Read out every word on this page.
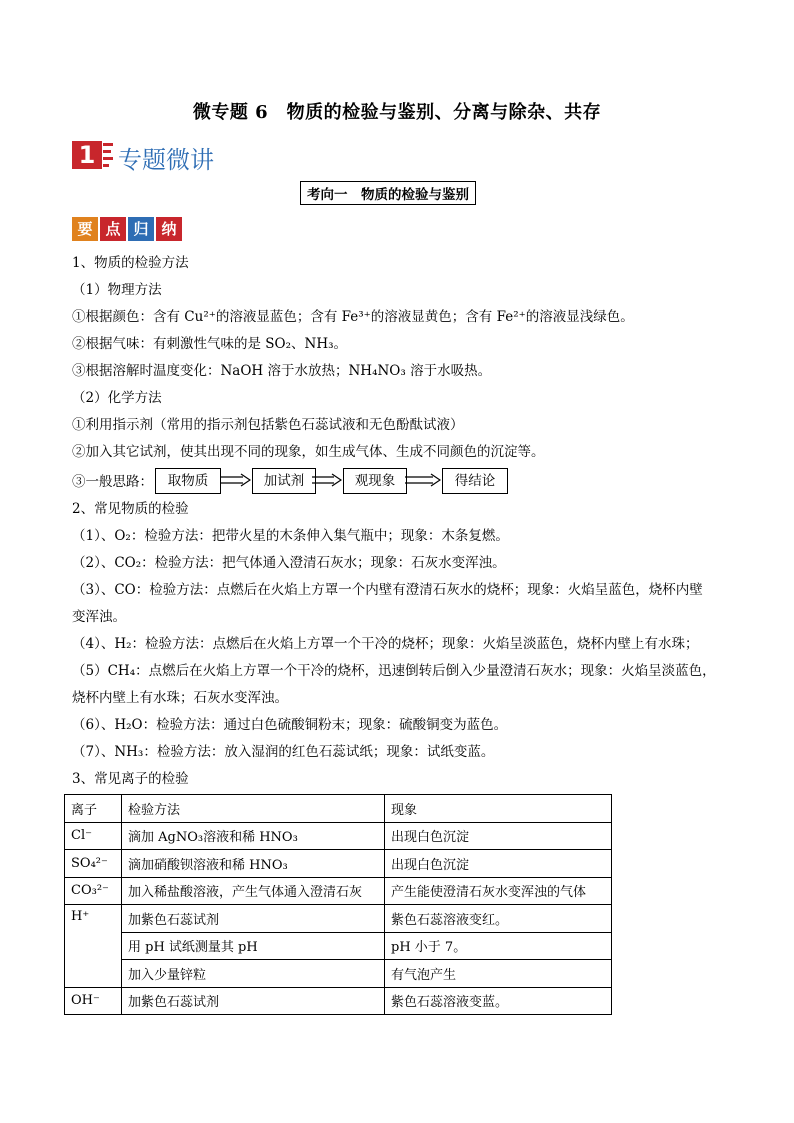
微专题 6　物质的检验与鉴别、分离与除杂、共存
1 专题微讲
考向一　物质的检验与鉴别
要 点 归 纳
1、物质的检验方法
（1）物理方法
①根据颜色：含有 Cu²⁺的溶液显蓝色；含有 Fe³⁺的溶液显黄色；含有 Fe²⁺的溶液显浅绿色。
②根据气味：有刺激性气味的是 SO₂、NH₃。
③根据溶解时温度变化：NaOH 溶于水放热；NH₄NO₃ 溶于水吸热。
（2）化学方法
①利用指示剂（常用的指示剂包括紫色石蕊试液和无色酚酞试液）
②加入其它试剂，使其出现不同的现象，如生成气体、生成不同颜色的沉淀等。
③一般思路：	取物质	加试剂	观现象	得结论
2、常见物质的检验
（1）、O₂：检验方法：把带火星的木条伸入集气瓶中；现象：木条复燃。
（2）、CO₂：检验方法：把气体通入澄清石灰水；现象：石灰水变浑浊。
（3）、CO：检验方法：点燃后在火焰上方罩一个内壁有澄清石灰水的烧杯；现象：火焰呈蓝色，烧杯内壁
变浑浊。
（4）、H₂：检验方法：点燃后在火焰上方罩一个干冷的烧杯；现象：火焰呈淡蓝色，烧杯内壁上有水珠；
（5）CH₄：点燃后在火焰上方罩一个干冷的烧杯，迅速倒转后倒入少量澄清石灰水；现象：火焰呈淡蓝色，
烧杯内壁上有水珠；石灰水变浑浊。
（6）、H₂O：检验方法：通过白色硫酸铜粉末；现象：硫酸铜变为蓝色。
（7）、NH₃：检验方法：放入湿润的红色石蕊试纸；现象：试纸变蓝。
3、常见离子的检验
离子	检验方法	现象
Cl⁻	滴加 AgNO₃溶液和稀 HNO₃	出现白色沉淀
SO₄²⁻	滴加硝酸钡溶液和稀 HNO₃	出现白色沉淀
CO₃²⁻	加入稀盐酸溶液，产生气体通入澄清石灰	产生能使澄清石灰水变浑浊的气体
H⁺	加紫色石蕊试剂	紫色石蕊溶液变红。
	用 pH 试纸测量其 pH	pH 小于 7。
	加入少量锌粒	有气泡产生
OH⁻	加紫色石蕊试剂	紫色石蕊溶液变蓝。
